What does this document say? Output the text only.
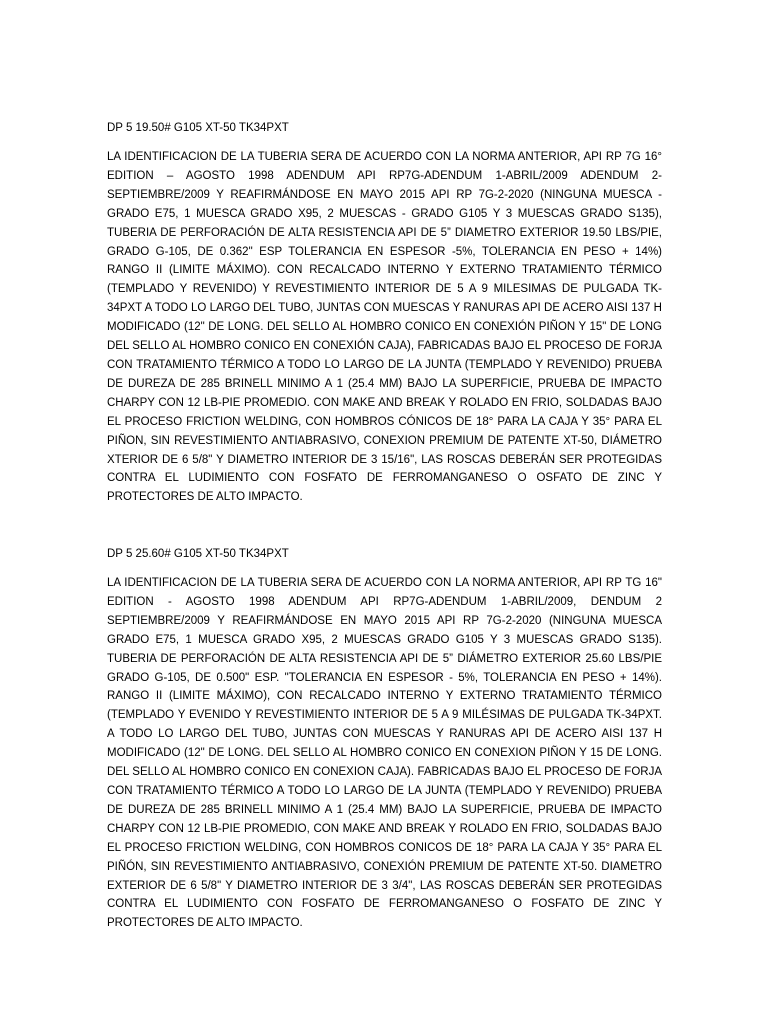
DP 5 19.50# G105 XT-50 TK34PXT

LA IDENTIFICACION DE LA TUBERIA SERA DE ACUERDO CON LA NORMA ANTERIOR, API RP 7G 16° EDITION – AGOSTO 1998 ADENDUM API RP7G-ADENDUM 1-ABRIL/2009 ADENDUM 2-SEPTIEMBRE/2009 Y REAFIRMÁNDOSE EN MAYO 2015 API RP 7G-2-2020 (NINGUNA MUESCA - GRADO E75, 1 MUESCA GRADO X95, 2 MUESCAS - GRADO G105 Y 3 MUESCAS GRADO S135), TUBERIA DE PERFORACIÓN DE ALTA RESISTENCIA API DE 5” DIAMETRO EXTERIOR 19.50 LBS/PIE, GRADO G-105, DE 0.362" ESP TOLERANCIA EN ESPESOR -5%, TOLERANCIA EN PESO + 14%) RANGO II (LIMITE MÁXIMO). CON RECALCADO INTERNO Y EXTERNO TRATAMIENTO TÉRMICO (TEMPLADO Y REVENIDO) Y REVESTIMIENTO INTERIOR DE 5 A 9 MILESIMAS DE PULGADA TK-34PXT A TODO LO LARGO DEL TUBO, JUNTAS CON MUESCAS Y RANURAS API DE ACERO AISI 137 H MODIFICADO (12" DE LONG. DEL SELLO AL HOMBRO CONICO EN CONEXIÓN PIÑON Y 15" DE LONG DEL SELLO AL HOMBRO CONICO EN CONEXIÓN CAJA), FABRICADAS BAJO EL PROCESO DE FORJA CON TRATAMIENTO TÉRMICO A TODO LO LARGO DE LA JUNTA (TEMPLADO Y REVENIDO) PRUEBA DE DUREZA DE 285 BRINELL MINIMO A 1 (25.4 MM) BAJO LA SUPERFICIE, PRUEBA DE IMPACTO CHARPY CON 12 LB-PIE PROMEDIO. CON MAKE AND BREAK Y ROLADO EN FRIO, SOLDADAS BAJO EL PROCESO FRICTION WELDING, CON HOMBROS CÓNICOS DE 18° PARA LA CAJA Y 35° PARA EL PIÑON, SIN REVESTIMIENTO ANTIABRASIVO, CONEXION PREMIUM DE PATENTE XT-50, DIÁMETRO XTERIOR DE 6 5/8" Y DIAMETRO INTERIOR DE 3 15/16", LAS ROSCAS DEBERÁN SER PROTEGIDAS CONTRA EL LUDIMIENTO CON FOSFATO DE FERROMANGANESO O OSFATO DE ZINC Y PROTECTORES DE ALTO IMPACTO.

DP 5 25.60# G105 XT-50 TK34PXT

LA IDENTIFICACION DE LA TUBERIA SERA DE ACUERDO CON LA NORMA ANTERIOR, API RP TG 16" EDITION - AGOSTO 1998 ADENDUM API RP7G-ADENDUM 1-ABRIL/2009, DENDUM 2 SEPTIEMBRE/2009 Y REAFIRMÁNDOSE EN MAYO 2015 API RP 7G-2-2020 (NINGUNA MUESCA GRADO E75, 1 MUESCA GRADO X95, 2 MUESCAS GRADO G105 Y 3 MUESCAS GRADO S135). TUBERIA DE PERFORACIÓN DE ALTA RESISTENCIA API DE 5” DIÁMETRO EXTERIOR 25.60 LBS/PIE GRADO G-105, DE 0.500" ESP. "TOLERANCIA EN ESPESOR - 5%, TOLERANCIA EN PESO + 14%). RANGO II (LIMITE MÁXIMO), CON RECALCADO INTERNO Y EXTERNO TRATAMIENTO TÉRMICO (TEMPLADO Y EVENIDO Y REVESTIMIENTO INTERIOR DE 5 A 9 MILÉSIMAS DE PULGADA TK-34PXT. A TODO LO LARGO DEL TUBO, JUNTAS CON MUESCAS Y RANURAS API DE ACERO AISI 137 H MODIFICADO (12" DE LONG. DEL SELLO AL HOMBRO CONICO EN CONEXION PIÑON Y 15 DE LONG. DEL SELLO AL HOMBRO CONICO EN CONEXION CAJA). FABRICADAS BAJO EL PROCESO DE FORJA CON TRATAMIENTO TÉRMICO A TODO LO LARGO DE LA JUNTA (TEMPLADO Y REVENIDO) PRUEBA DE DUREZA DE 285 BRINELL MINIMO A 1 (25.4 MM) BAJO LA SUPERFICIE, PRUEBA DE IMPACTO CHARPY CON 12 LB-PIE PROMEDIO, CON MAKE AND BREAK Y ROLADO EN FRIO, SOLDADAS BAJO EL PROCESO FRICTION WELDING, CON HOMBROS CONICOS DE 18° PARA LA CAJA Y 35° PARA EL PIÑÓN, SIN REVESTIMIENTO ANTIABRASIVO, CONEXIÓN PREMIUM DE PATENTE XT-50. DIAMETRO EXTERIOR DE 6 5/8" Y DIAMETRO INTERIOR DE 3 3/4", LAS ROSCAS DEBERÁN SER PROTEGIDAS CONTRA EL LUDIMIENTO CON FOSFATO DE FERROMANGANESO O FOSFATO DE ZINC Y PROTECTORES DE ALTO IMPACTO.
